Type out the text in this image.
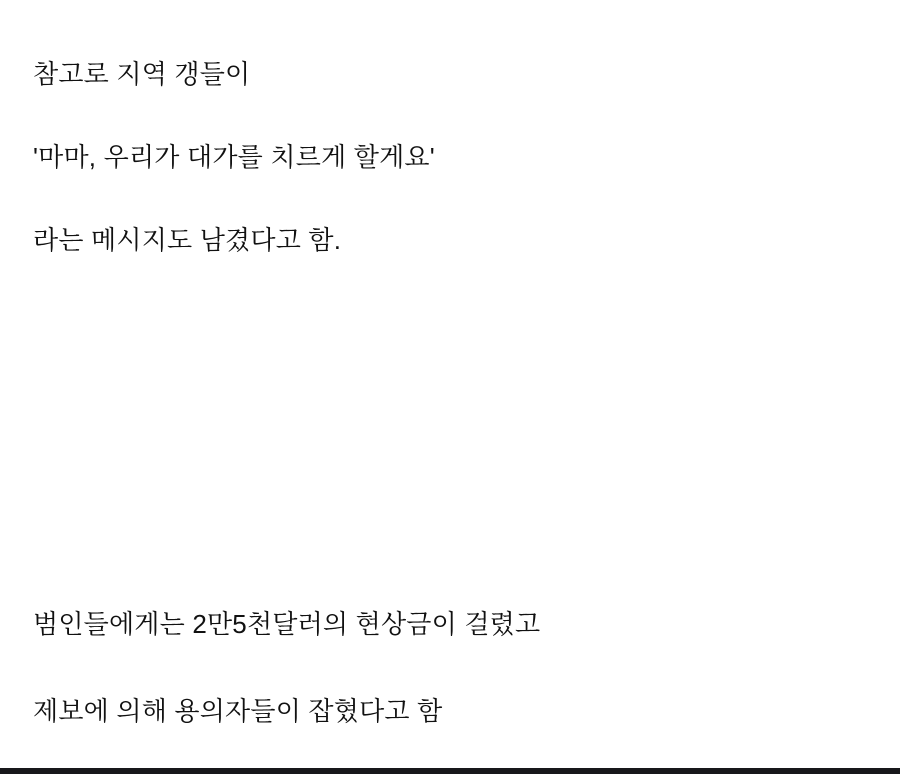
참고로 지역 갱들이

'마마, 우리가 대가를 치르게 할게요'

라는 메시지도 남겼다고 함.

범인들에게는 2만5천달러의 현상금이 걸렸고

제보에 의해 용의자들이 잡혔다고 함
